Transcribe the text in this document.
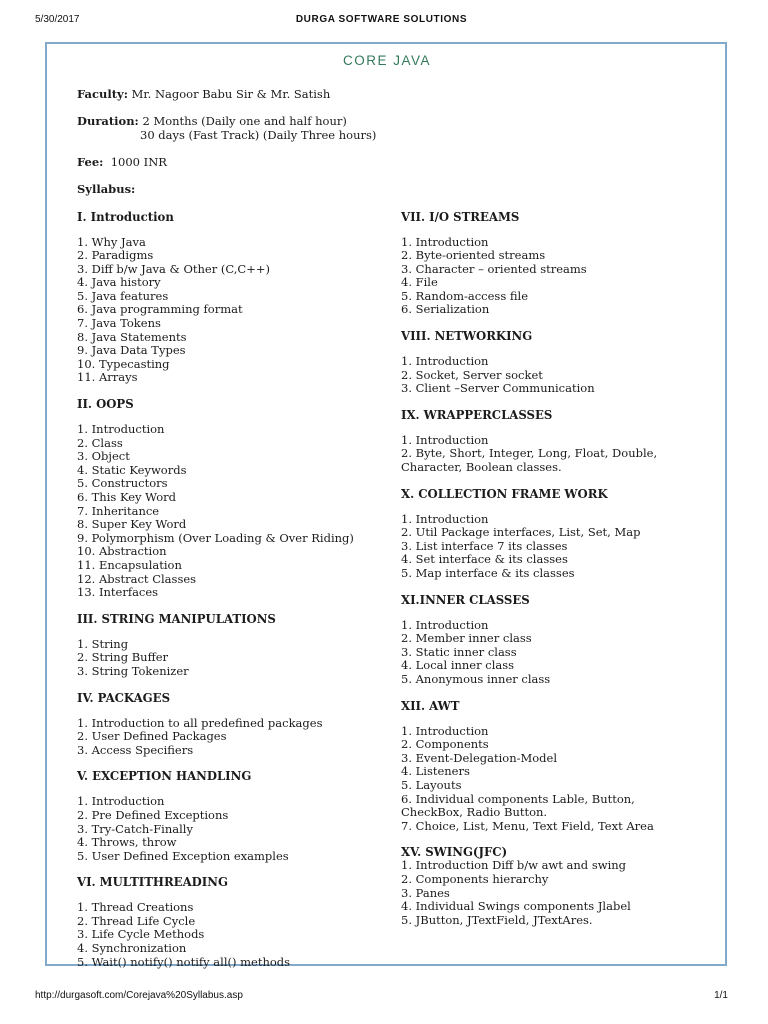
DURGA SOFTWARE SOLUTIONS
5/30/2017
CORE JAVA

Faculty: Mr. Nagoor Babu Sir & Mr. Satish

Duration: 2 Months (Daily one and half hour)

30 days (Fast Track) (Daily Three hours)

Fee: 1000 INR

Syllabus:

I. Introduction
1. Why Java
2. Paradigms
3. Diff b/w Java & Other (C,C++)
4. Java history
5. Java features
6. Java programming format
7. Java Tokens
8. Java Statements
9. Java Data Types
10. Typecasting
11. Arrays
II. OOPS
1. Introduction
2. Class
3. Object
4. Static Keywords
5. Constructors
6. This Key Word
7. Inheritance
8. Super Key Word
9. Polymorphism (Over Loading & Over Riding)
10. Abstraction
11. Encapsulation
12. Abstract Classes
13. Interfaces
III. STRING MANIPULATIONS
1. String
2. String Buffer
3. String Tokenizer
IV. PACKAGES
1. Introduction to all predefined packages
2. User Defined Packages
3. Access Specifiers
V. EXCEPTION HANDLING
1. Introduction
2. Pre Defined Exceptions
3. Try-Catch-Finally
4. Throws, throw
5. User Defined Exception examples
VI. MULTITHREADING
1. Thread Creations
2. Thread Life Cycle
3. Life Cycle Methods
4. Synchronization
5. Wait() notify() notify all() methods
VII. I/O STREAMS
1. Introduction
2. Byte-oriented streams
3. Character – oriented streams
4. File
5. Random-access file
6. Serialization
VIII. NETWORKING
1. Introduction
2. Socket, Server socket
3. Client –Server Communication
IX. WRAPPERCLASSES
1. Introduction
2. Byte, Short, Integer, Long, Float, Double, Character, Boolean classes.
X. COLLECTION FRAME WORK
1. Introduction
2. Util Package interfaces, List, Set, Map
3. List interface 7 its classes
4. Set interface & its classes
5. Map interface & its classes
XI.INNER CLASSES
1. Introduction
2. Member inner class
3. Static inner class
4. Local inner class
5. Anonymous inner class
XII. AWT
1. Introduction
2. Components
3. Event-Delegation-Model
4. Listeners
5. Layouts
6. Individual components Lable, Button, CheckBox, Radio Button.
7. Choice, List, Menu, Text Field, Text Area
XV. SWING(JFC)
1. Introduction Diff b/w awt and swing
2. Components hierarchy
3. Panes
4. Individual Swings components Jlabel
5. JButton, JTextField, JTextAres.
http://durgasoft.com/Corejava%20Syllabus.asp	1/1
